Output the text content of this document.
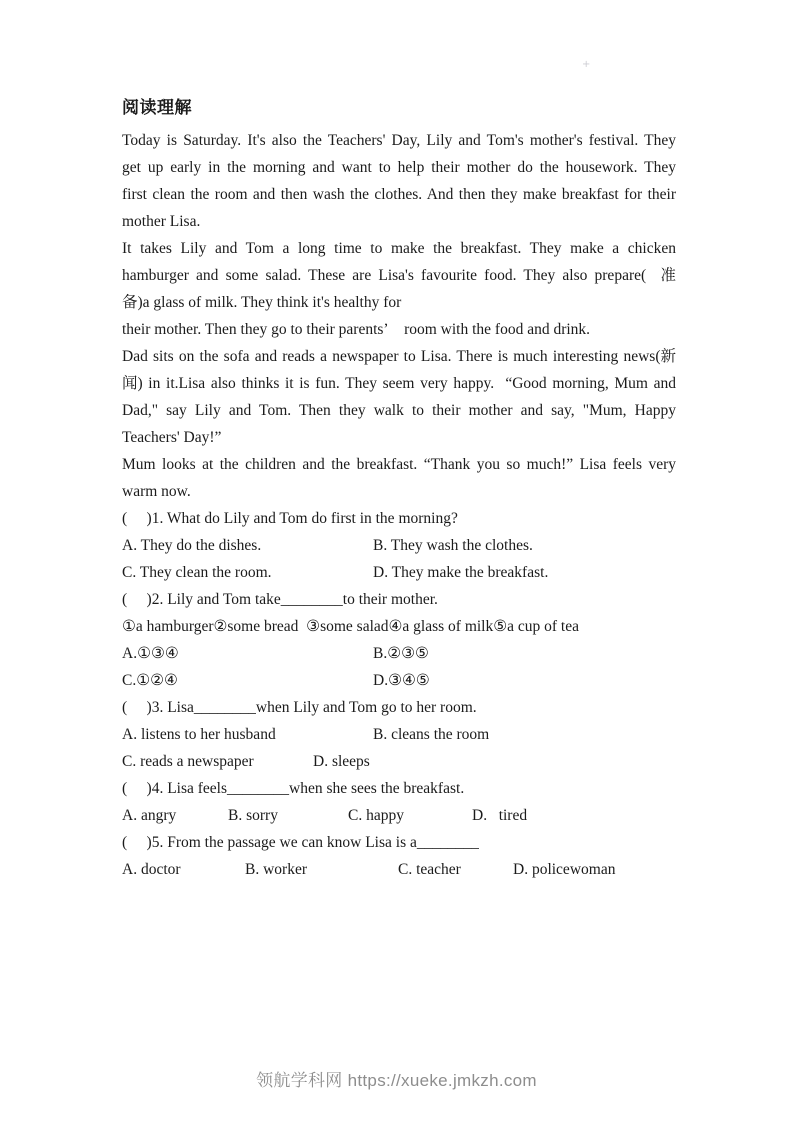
+
阅读理解
Today is Saturday. It's also the Teachers' Day, Lily and Tom's mother's festival. They
get up early in the morning and want to help their mother do the housework. They
first clean the room and then wash the clothes. And then they make breakfast for their
mother Lisa.
It takes Lily and Tom a long time to make the breakfast. They make a chicken
hamburger and some salad. These are Lisa's favourite food. They also prepare(  准
备)a glass of milk. They think it's healthy for
their mother. Then they go to their parents’    room with the food and drink.
Dad sits on the sofa and reads a newspaper to Lisa. There is much interesting news(新
闻) in it.Lisa also thinks it is fun. They seem very happy.  “Good morning, Mum and
Dad," say Lily and Tom. Then they walk to their mother and say, "Mum, Happy
Teachers' Day!”
Mum looks at the children and the breakfast. “Thank you so much!” Lisa feels very
warm now.
(     )1. What do Lily and Tom do first in the morning?
A. They do the dishes.	B. They wash the clothes.
C. They clean the room.	D. They make the breakfast.
(     )2. Lily and Tom take________to their mother.
①a hamburger②some bread  ③some salad④a glass of milk⑤a cup of tea
A.①③④	B.②③⑤
C.①②④	D.③④⑤
(     )3. Lisa________when Lily and Tom go to her room.
A. listens to her husband	B. cleans the room
C. reads a newspaper	D. sleeps
(     )4. Lisa feels________when she sees the breakfast.
A. angry	B. sorry	C. happy	D.   tired
(     )5. From the passage we can know Lisa is a________
A. doctor	B. worker	C. teacher	D. policewoman
领航学科网 https://xueke.jmkzh.com
